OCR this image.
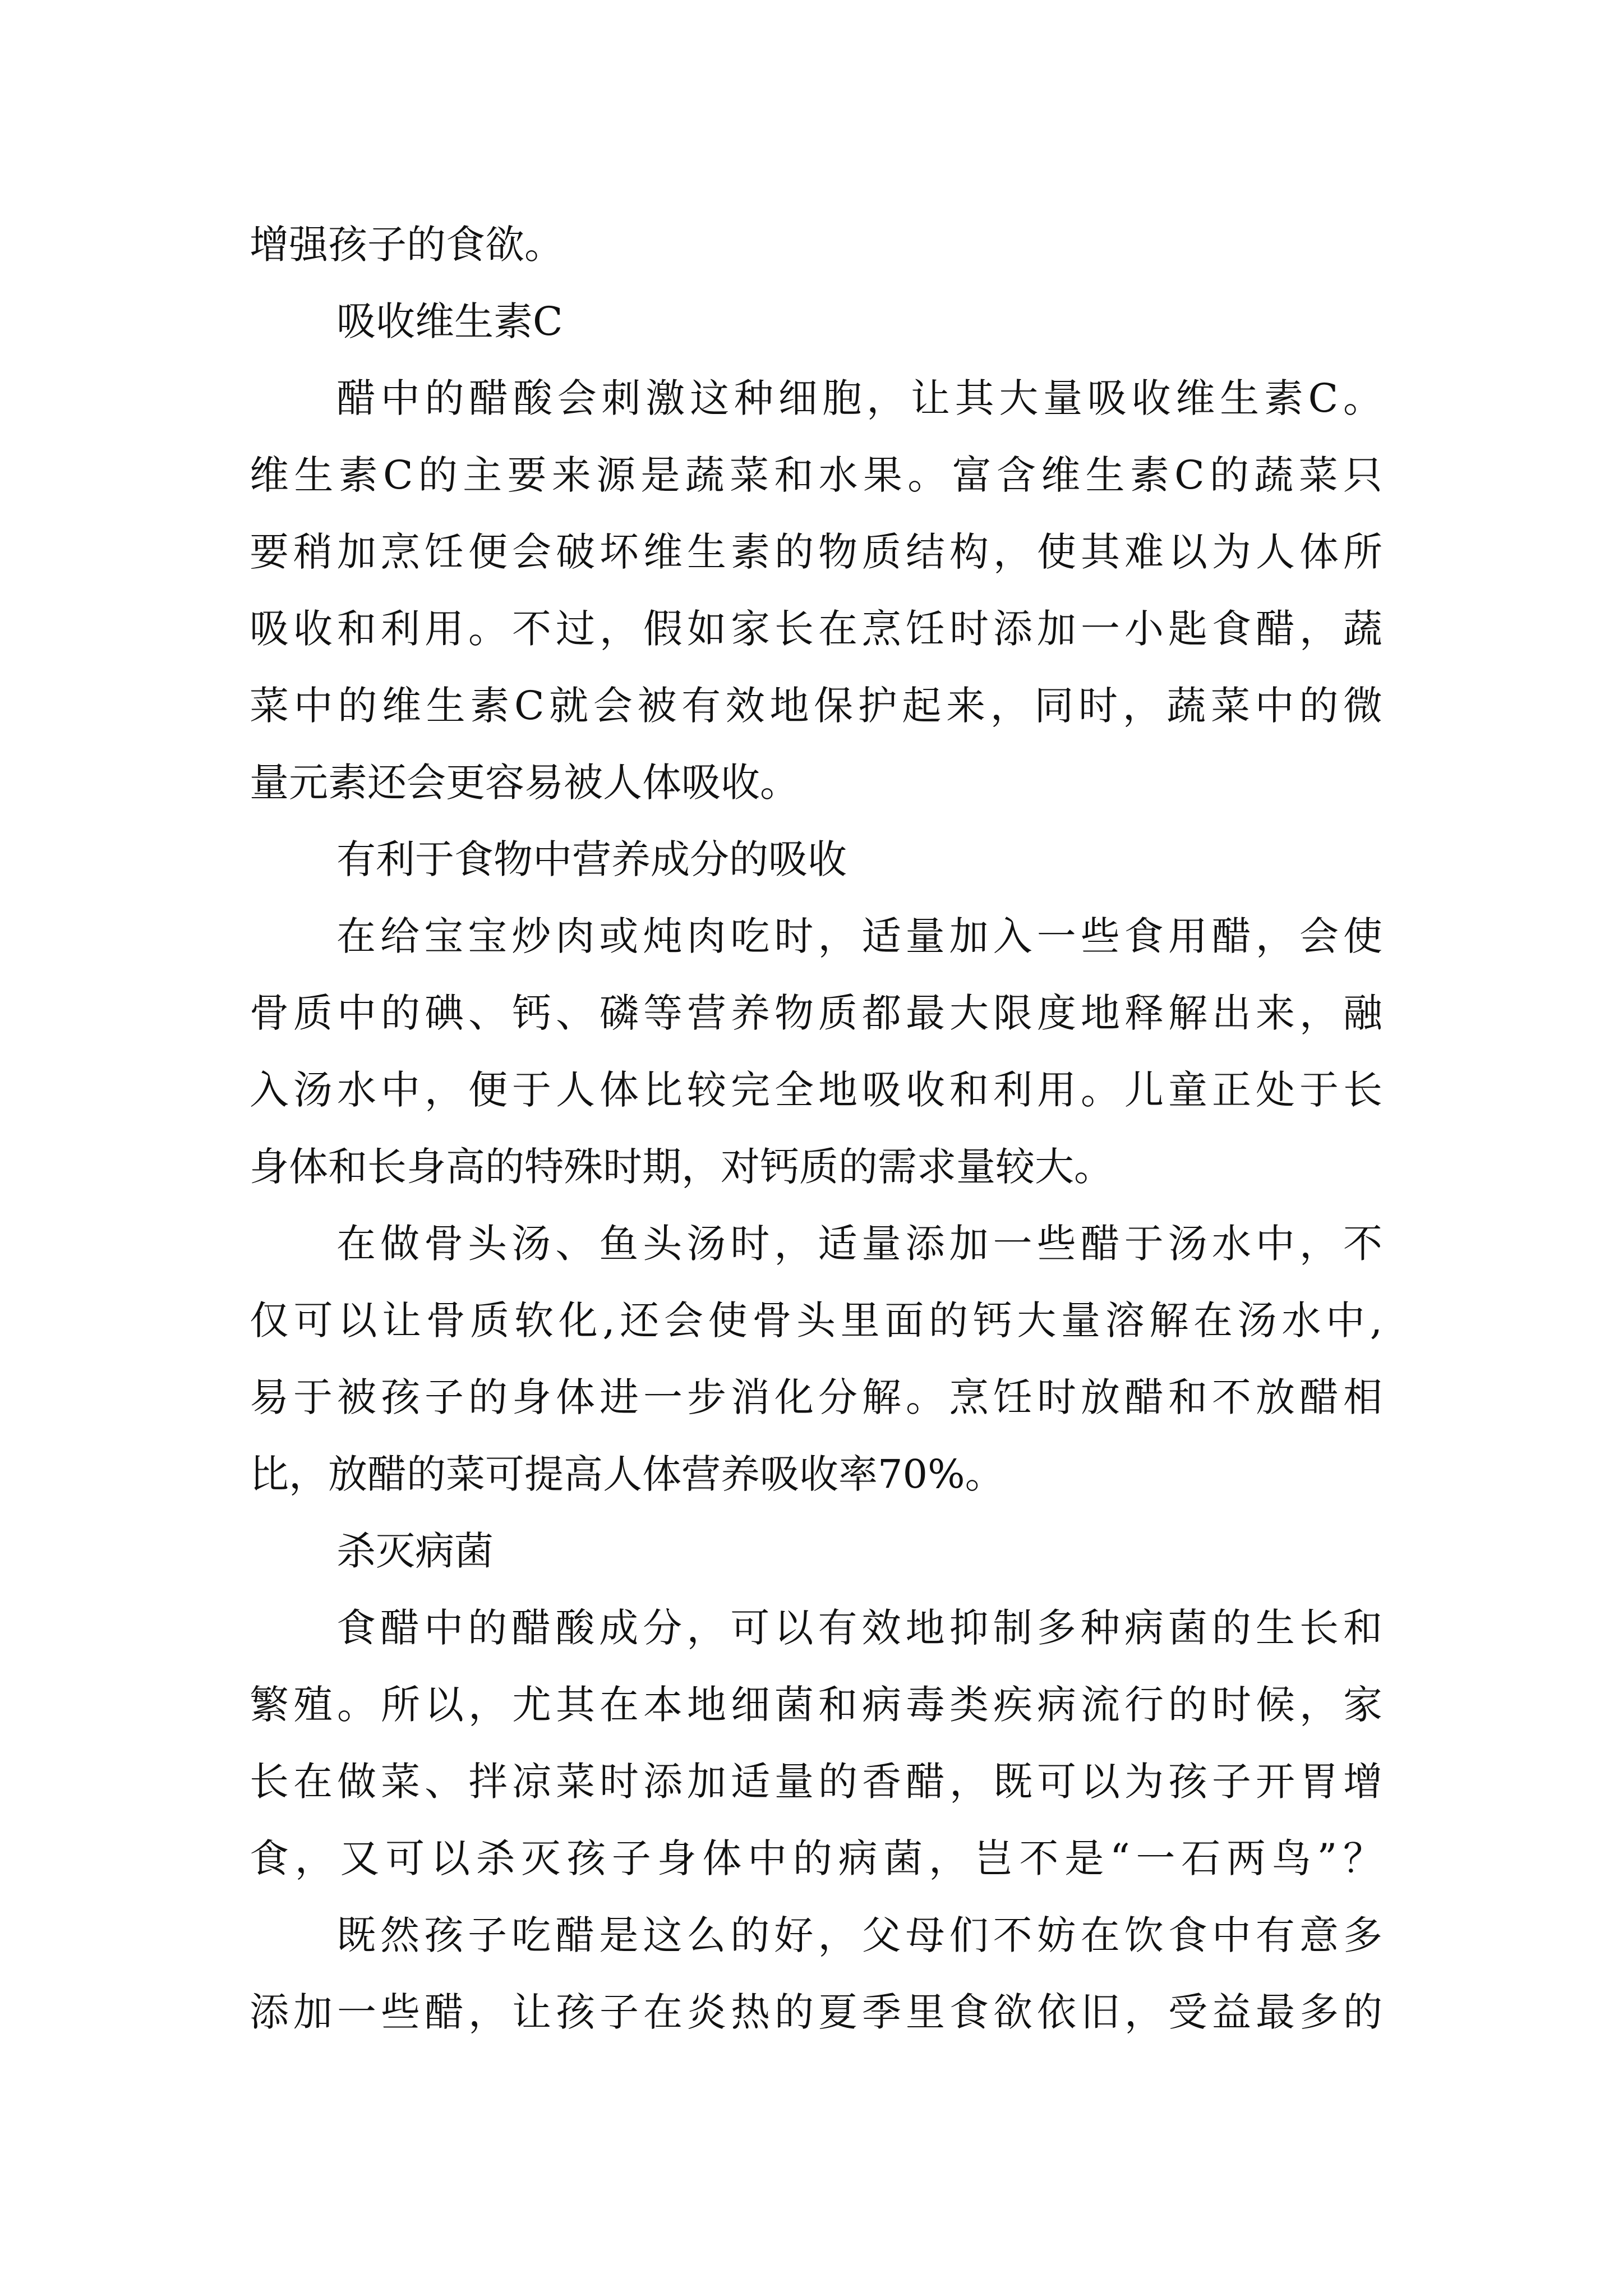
增强孩子的食欲。
吸收维生素C
醋中的醋酸会刺激这种细胞，让其大量吸收维生素C。
维生素C的主要来源是蔬菜和水果。富含维生素C的蔬菜只
要稍加烹饪便会破坏维生素的物质结构，使其难以为人体所
吸收和利用。不过，假如家长在烹饪时添加一小匙食醋，蔬
菜中的维生素C就会被有效地保护起来，同时，蔬菜中的微
量元素还会更容易被人体吸收。
有利于食物中营养成分的吸收
在给宝宝炒肉或炖肉吃时，适量加入一些食用醋，会使
骨质中的碘、钙、磷等营养物质都最大限度地释解出来，融
入汤水中，便于人体比较完全地吸收和利用。儿童正处于长
身体和长身高的特殊时期，对钙质的需求量较大。
在做骨头汤、鱼头汤时，适量添加一些醋于汤水中，不
仅可以让骨质软化,还会使骨头里面的钙大量溶解在汤水中,
易于被孩子的身体进一步消化分解。烹饪时放醋和不放醋相
比，放醋的菜可提高人体营养吸收率70%。
杀灭病菌
食醋中的醋酸成分，可以有效地抑制多种病菌的生长和
繁殖。所以，尤其在本地细菌和病毒类疾病流行的时候，家
长在做菜、拌凉菜时添加适量的香醋，既可以为孩子开胃增
食，又可以杀灭孩子身体中的病菌，岂不是“一石两鸟”？
既然孩子吃醋是这么的好，父母们不妨在饮食中有意多
添加一些醋，让孩子在炎热的夏季里食欲依旧，受益最多的
